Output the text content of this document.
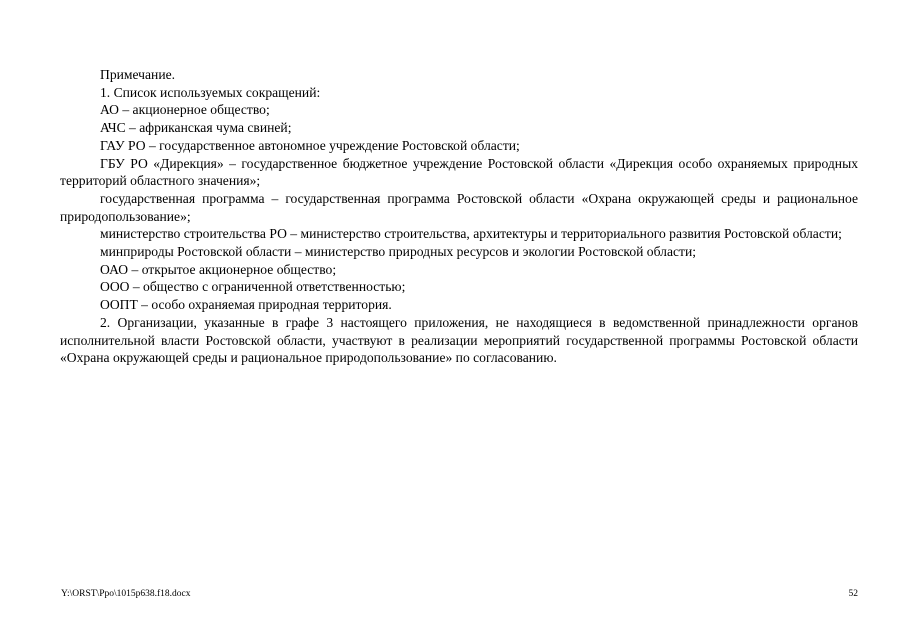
Примечание.

1. Список используемых сокращений:

АО – акционерное общество;

АЧС – африканская чума свиней;

ГАУ РО – государственное автономное учреждение Ростовской области;

ГБУ РО «Дирекция» – государственное бюджетное учреждение Ростовской области «Дирекция особо охраняемых природных территорий областного значения»;

государственная программа – государственная программа Ростовской области «Охрана окружающей среды и рациональное природопользование»;

министерство строительства РО – министерство строительства, архитектуры и территориального развития Ростовской области;

минприроды Ростовской области – министерство природных ресурсов и экологии Ростовской области;

ОАО – открытое акционерное общество;

ООО – общество с ограниченной ответственностью;

ООПТ – особо охраняемая природная территория.

2. Организации, указанные в графе 3 настоящего приложения, не находящиеся в ведомственной принадлежности органов исполнительной власти Ростовской области, участвуют в реализации мероприятий государственной программы Ростовской области «Охрана окружающей среды и рациональное природопользование» по согласованию.

Y:\ORST\Ppo\1015p638.f18.docx	52
